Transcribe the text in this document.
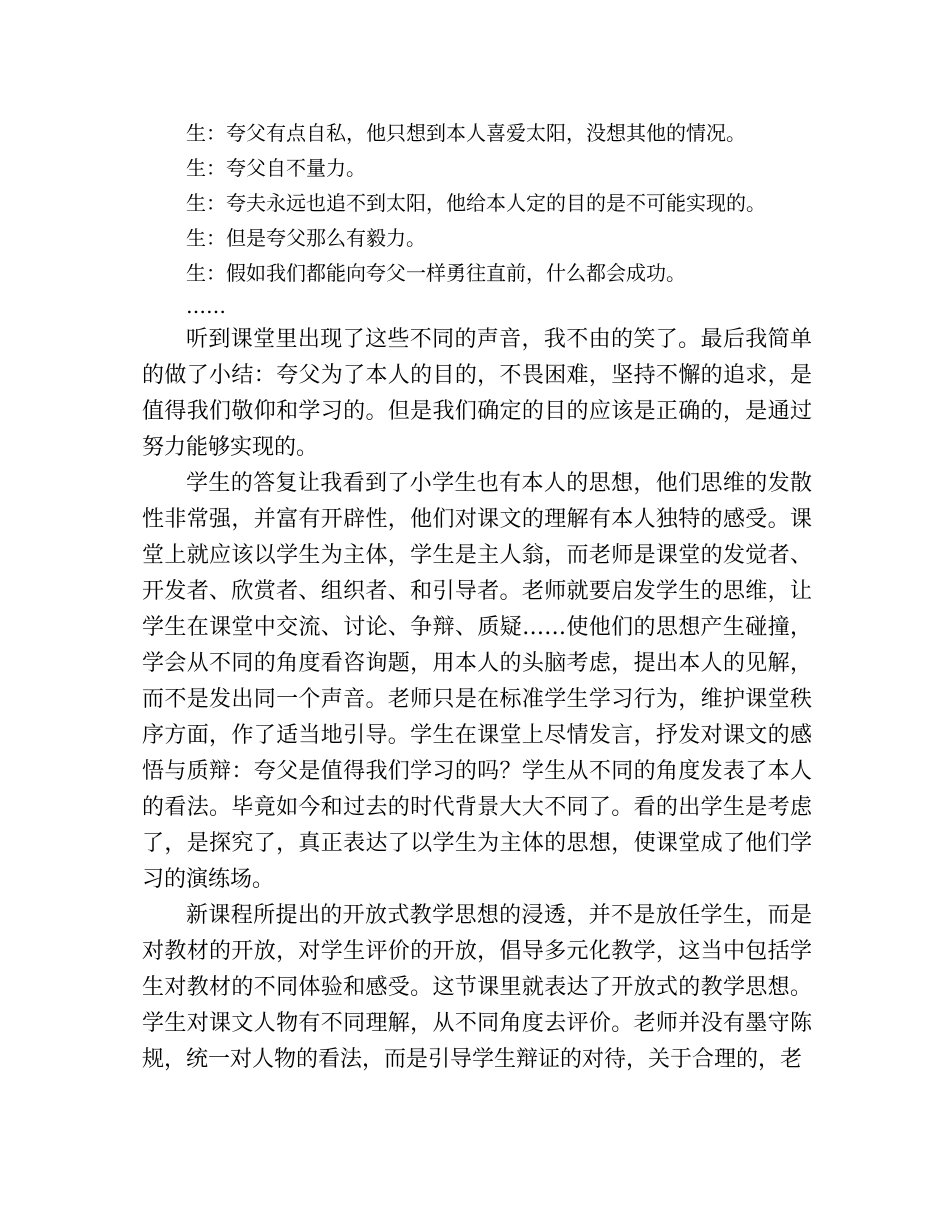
生：夸父有点自私，他只想到本人喜爱太阳，没想其他的情况。
生：夸父自不量力。
生：夸夫永远也追不到太阳，他给本人定的目的是不可能实现的。
生：但是夸父那么有毅力。
生：假如我们都能向夸父一样勇往直前，什么都会成功。
……

听到课堂里出现了这些不同的声音，我不由的笑了。最后我简单的做了小结：夸父为了本人的目的，不畏困难，坚持不懈的追求，是值得我们敬仰和学习的。但是我们确定的目的应该是正确的，是通过努力能够实现的。

学生的答复让我看到了小学生也有本人的思想，他们思维的发散性非常强，并富有开辟性，他们对课文的理解有本人独特的感受。课堂上就应该以学生为主体，学生是主人翁，而老师是课堂的发觉者、开发者、欣赏者、组织者、和引导者。老师就要启发学生的思维，让学生在课堂中交流、讨论、争辩、质疑……使他们的思想产生碰撞，学会从不同的角度看咨询题，用本人的头脑考虑，提出本人的见解，而不是发出同一个声音。老师只是在标准学生学习行为，维护课堂秩序方面，作了适当地引导。学生在课堂上尽情发言，抒发对课文的感悟与质辩：夸父是值得我们学习的吗？学生从不同的角度发表了本人的看法。毕竟如今和过去的时代背景大大不同了。看的出学生是考虑了，是探究了，真正表达了以学生为主体的思想，使课堂成了他们学习的演练场。

新课程所提出的开放式教学思想的浸透，并不是放任学生，而是对教材的开放，对学生评价的开放，倡导多元化教学，这当中包括学生对教材的不同体验和感受。这节课里就表达了开放式的教学思想。学生对课文人物有不同理解，从不同角度去评价。老师并没有墨守陈规，统一对人物的看法，而是引导学生辩证的对待，关于合理的，老
